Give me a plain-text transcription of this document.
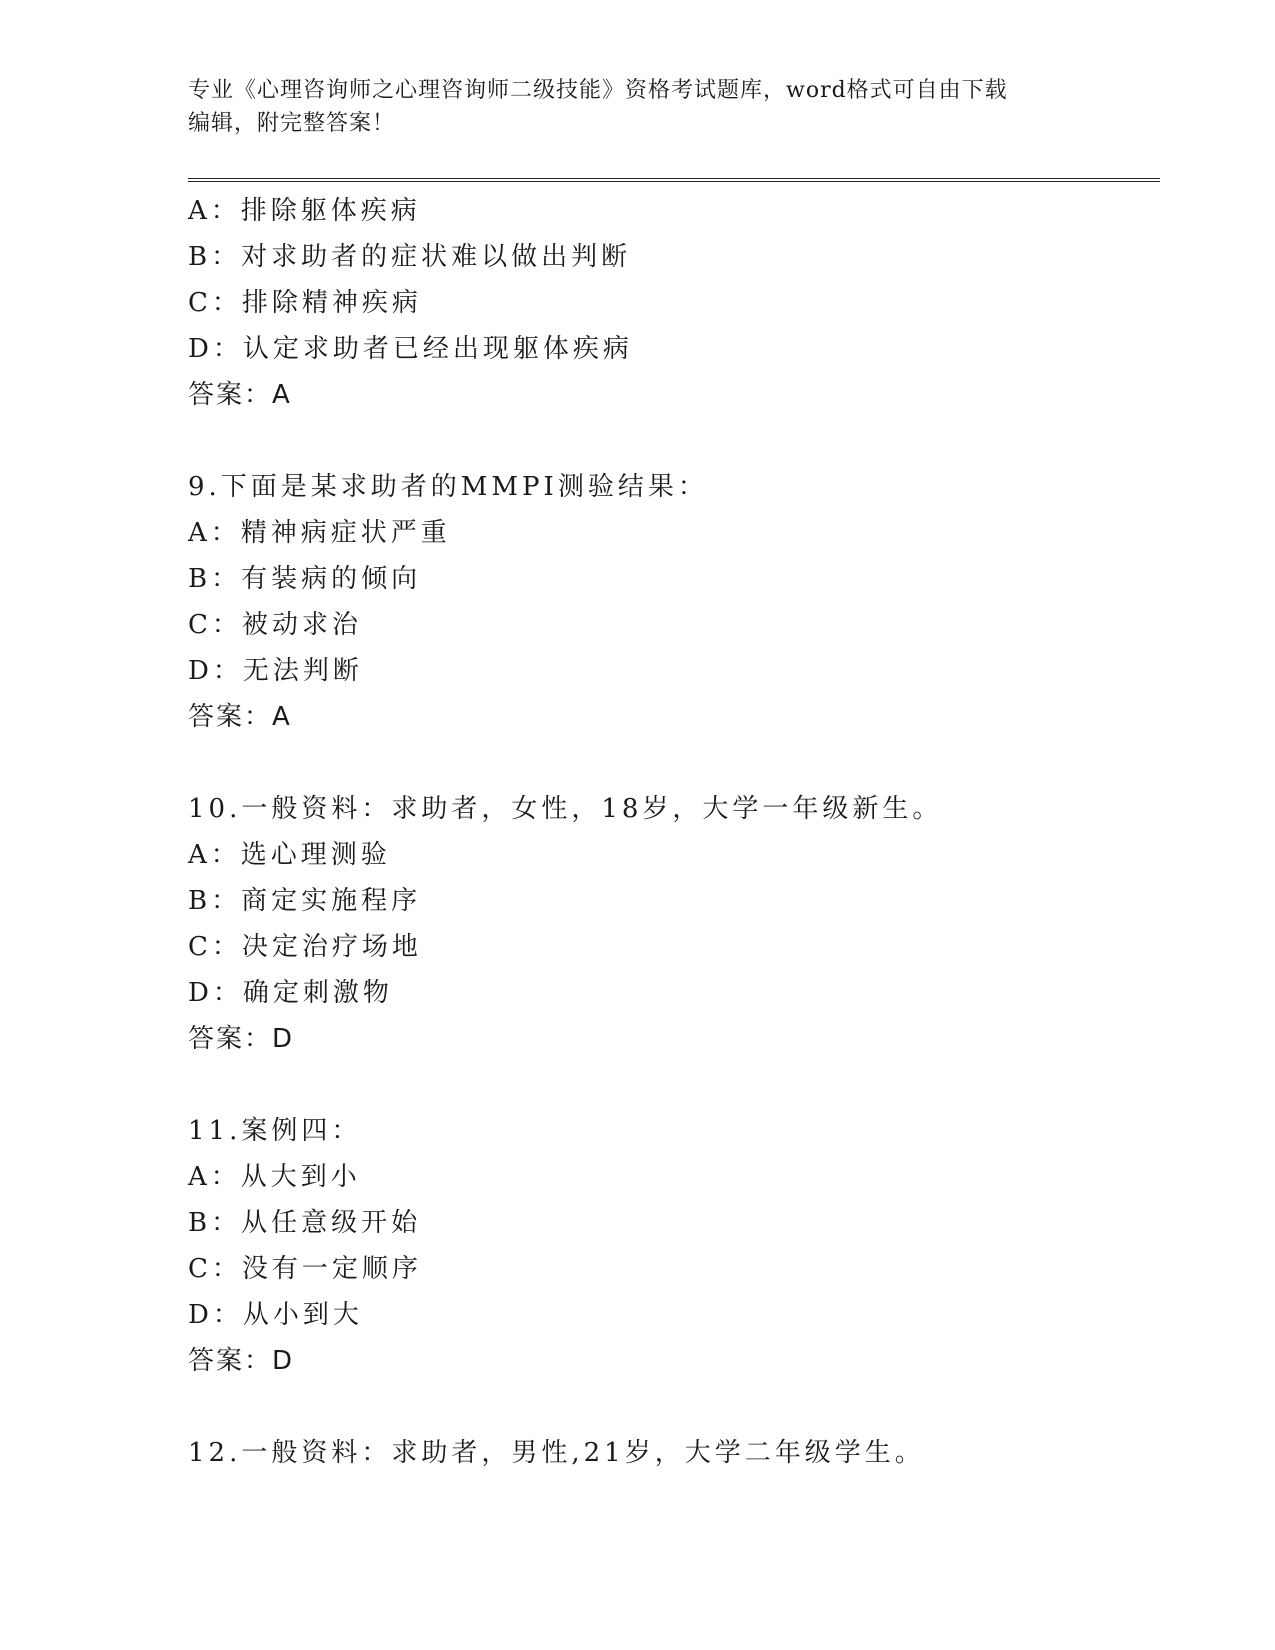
专业《心理咨询师之心理咨询师二级技能》资格考试题库，word格式可自由下载
编辑，附完整答案！
A：排除躯体疾病
B：对求助者的症状难以做出判断
C：排除精神疾病
D：认定求助者已经出现躯体疾病
答案：A
9.下面是某求助者的MMPI测验结果：
A：精神病症状严重
B：有装病的倾向
C：被动求治
D：无法判断
答案：A
10.一般资料：求助者，女性，18岁，大学一年级新生。
A：选心理测验
B：商定实施程序
C：决定治疗场地
D：确定刺激物
答案：D
11.案例四：
A：从大到小
B：从任意级开始
C：没有一定顺序
D：从小到大
答案：D
12.一般资料：求助者，男性,21岁，大学二年级学生。
